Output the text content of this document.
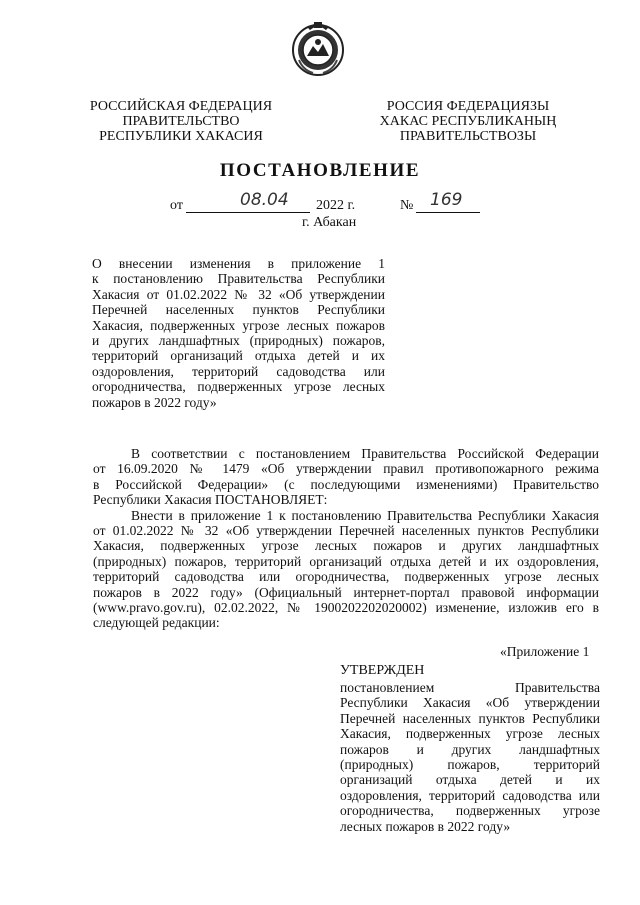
РОССИЙСКАЯ ФЕДЕРАЦИЯ
ПРАВИТЕЛЬСТВО
РЕСПУБЛИКИ ХАКАСИЯ
РОССИЯ ФЕДЕРАЦИЯЗЫ
ХАКАС РЕСПУБЛИКАНЫҢ
ПРАВИТЕЛЬСТВОЗЫ
ПОСТАНОВЛЕНИЕ
от	08.04 2022 г.	№ 169
г. Абакан
О внесении изменения в приложение 1
к постановлению Правительства Республики
Хакасия от 01.02.2022 № 32 «Об утверждении
Перечней населенных пунктов Республики
Хакасия, подверженных угрозе лесных пожаров
и других ландшафтных (природных) пожаров,
территорий организаций отдыха детей и их
оздоровления, территорий садоводства или
огородничества, подверженных угрозе лесных
пожаров в 2022 году»
В соответствии с постановлением Правительства Российской Федерации
от 16.09.2020 № 1479 «Об утверждении правил противопожарного режима
в Российской Федерации» (с последующими изменениями) Правительство
Республики Хакасия ПОСТАНОВЛЯЕТ:
Внести в приложение 1 к постановлению Правительства Республики Хакасия
от 01.02.2022 № 32 «Об утверждении Перечней населенных пунктов Республики
Хакасия, подверженных угрозе лесных пожаров и других ландшафтных
(природных) пожаров, территорий организаций отдыха детей и их оздоровления,
территорий садоводства или огородничества, подверженных угрозе лесных
пожаров в 2022 году» (Официальный интернет-портал правовой информации
(www.pravo.gov.ru), 02.02.2022, № 1900202202020002) изменение, изложив его в
следующей редакции:
«Приложение 1
УТВЕРЖДЕН
постановлением Правительства
Республики Хакасия «Об утверждении
Перечней населенных пунктов Республики
Хакасия, подверженных угрозе лесных
пожаров и других ландшафтных
(природных) пожаров, территорий
организаций отдыха детей и их
оздоровления, территорий садоводства или
огородничества, подверженных угрозе
лесных пожаров в 2022 году»
